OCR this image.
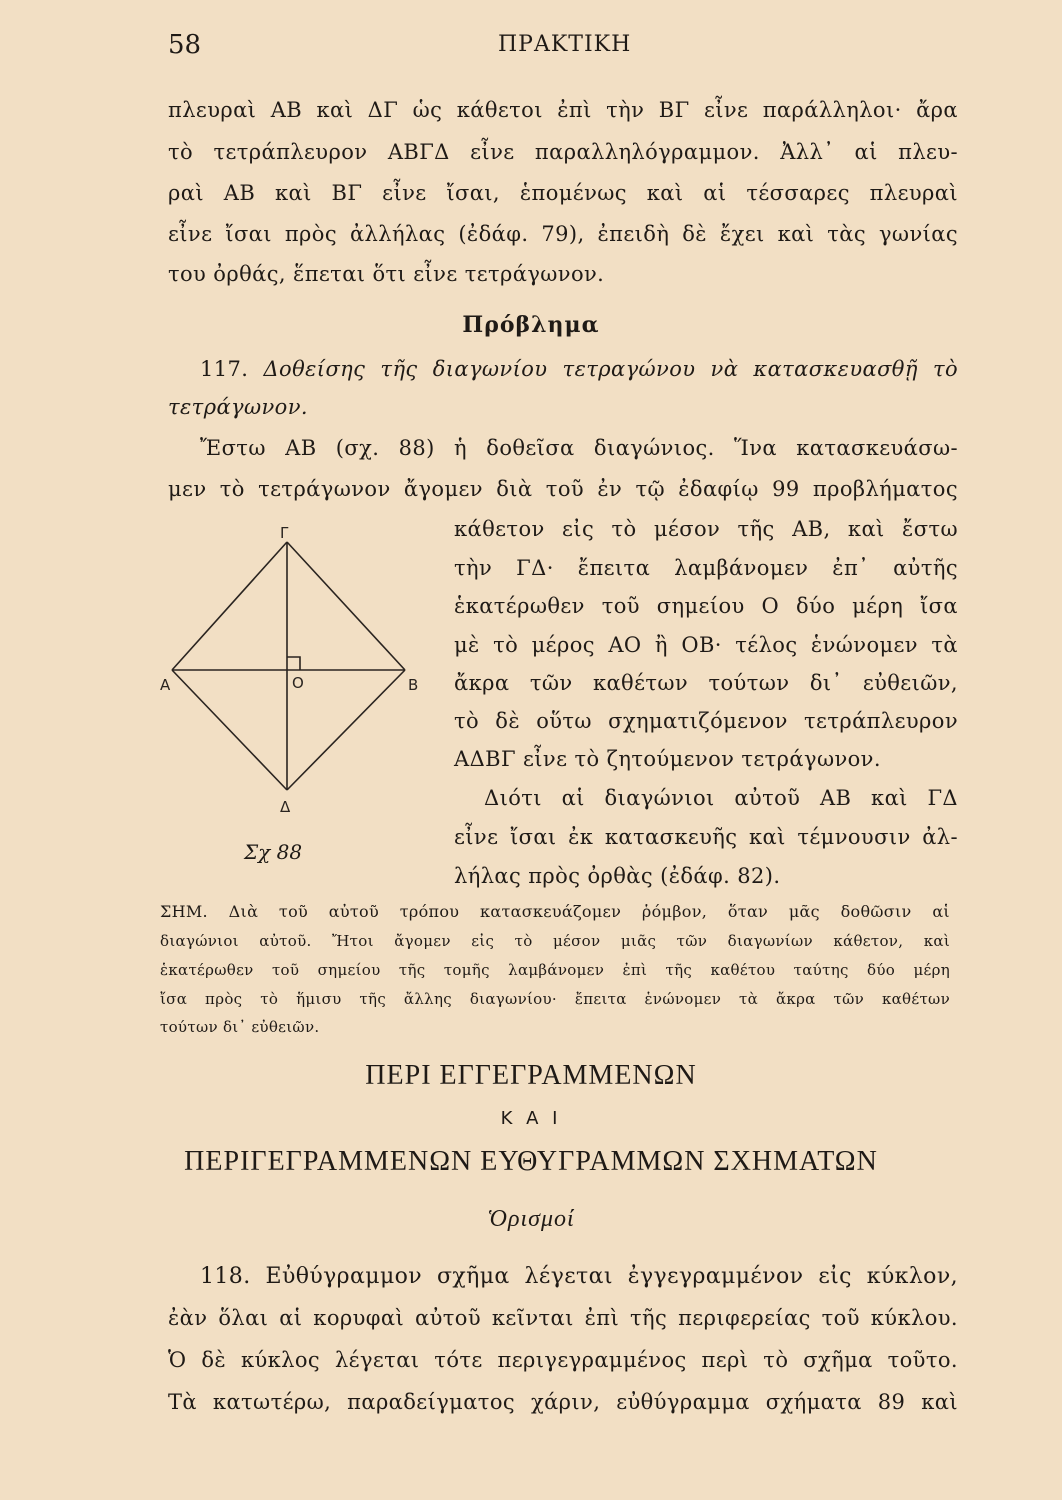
58	ΠΡΑΚΤΙΚΗ
πλευραὶ ΑΒ καὶ ΔΓ ὡς κάθετοι ἐπὶ τὴν ΒΓ εἶνε παράλληλοι· ἄρα
τὸ τετράπλευρον ΑΒΓΔ εἶνε παραλληλόγραμμον. Ἀλλ᾽ αἱ πλευ-
ραὶ ΑΒ καὶ ΒΓ εἶνε ἴσαι, ἑπομένως καὶ αἱ τέσσαρες πλευραὶ
εἶνε ἴσαι πρὸς ἀλλήλας (ἐδάφ. 79), ἐπειδὴ δὲ ἔχει καὶ τὰς γωνίας
του ὀρθάς, ἕπεται ὅτι εἶνε τετράγωνον.
Πρόβλημα
117. Δοθείσης τῆς διαγωνίου τετραγώνου νὰ κατασκευασθῇ τὸ
τετράγωνον.
Ἔστω ΑΒ (σχ. 88) ἡ δοθεῖσα διαγώνιος. Ἵνα κατασκευάσω-
μεν τὸ τετράγωνον ἄγομεν διὰ τοῦ ἐν τῷ ἐδαφίῳ 99 προβλήματος
κάθετον εἰς τὸ μέσον τῆς ΑΒ, καὶ ἔστω
τὴν ΓΔ· ἔπειτα λαμβάνομεν ἐπ᾽ αὐτῆς
ἑκατέρωθεν τοῦ σημείου Ο δύο μέρη ἴσα
μὲ τὸ μέρος ΑΟ ἢ ΟΒ· τέλος ἑνώνομεν τὰ
ἄκρα τῶν καθέτων τούτων δι᾽ εὐθειῶν,
τὸ δὲ οὕτω σχηματιζόμενον τετράπλευρον
ΑΔΒΓ εἶνε τὸ ζητούμενον τετράγωνον.
Διότι αἱ διαγώνιοι αὐτοῦ ΑΒ καὶ ΓΔ
εἶνε ἴσαι ἐκ κατασκευῆς καὶ τέμνουσιν ἀλ-
λήλας πρὸς ὀρθὰς (ἐδάφ. 82).
Γ
Α	Ο	Β
Δ
Σχ 88
ΣΗΜ. Διὰ τοῦ αὐτοῦ τρόπου κατασκευάζομεν ῥόμβον, ὅταν μᾶς δοθῶσιν αἱ
διαγώνιοι αὐτοῦ. Ἤτοι ἄγομεν εἰς τὸ μέσον μιᾶς τῶν διαγωνίων κάθετον, καὶ
ἑκατέρωθεν τοῦ σημείου τῆς τομῆς λαμβάνομεν ἐπὶ τῆς καθέτου ταύτης δύο μέρη
ἴσα πρὸς τὸ ἥμισυ τῆς ἄλλης διαγωνίου· ἔπειτα ἑνώνομεν τὰ ἄκρα τῶν καθέτων
τούτων δι᾽ εὐθειῶν.
ΠΕΡΙ ΕΓΓΕΓΡΑΜΜΕΝΩΝ
Κ Α Ι
ΠΕΡΙΓΕΓΡΑΜΜΕΝΩΝ ΕΥΘΥΓΡΑΜΜΩΝ ΣΧΗΜΑΤΩΝ
Ὁρισμοί
118. Εὐθύγραμμον σχῆμα λέγεται ἐγγεγραμμένον εἰς κύκλον,
ἐὰν ὅλαι αἱ κορυφαὶ αὐτοῦ κεῖνται ἐπὶ τῆς περιφερείας τοῦ κύκλου.
Ὁ δὲ κύκλος λέγεται τότε περιγεγραμμένος περὶ τὸ σχῆμα τοῦτο.
Τὰ κατωτέρω, παραδείγματος χάριν, εὐθύγραμμα σχήματα 89 καὶ
